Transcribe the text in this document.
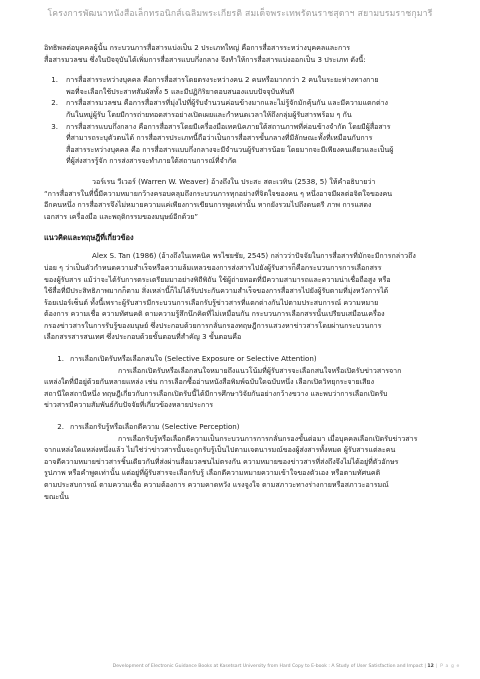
โครงการพัฒนาหนังสือเล็กทรอนิกส์เฉลิมพระเกียรติ สมเด็จพระเทพรัตนราชสุดาฯ สยามบรมราชกุมารี

อิทธิพลต่อบุคคลผู้นั้น กระบวนการสื่อสารแบ่งเป็น 2 ประเภทใหญ่ คือการสื่อสารระหว่างบุคคลและการ

สื่อสารมวลชน ซึ่งในปัจจุบันได้เพิ่มการสื่อสารแบบกึ่งกลาง จึงทำให้การสื่อสารแบ่งออกเป็น 3 ประเภท ดังนี้:

1.	การสื่อสารระหว่างบุคคล คือการสื่อสารโดยตรงระหว่างคน 2 คนหรือมากกว่า 2 คนในระยะห่างทางกาย
พอที่จะเลือกใช้ประสาทสัมผัสทั้ง 5 และมีปฏิกิริยาตอบสนองแบบปัจจุบันทันที
2.	การสื่อสารมวลชน คือการสื่อสารที่มุ่งไปที่ผู้รับจำนวนค่อนข้างมากและไม่รู้จักมักคุ้นกัน และมีความแตกต่าง
กันในหมู่ผู้รับ โดยมีการถ่ายทอดสารอย่างเปิดเผยและกำหนดเวลาให้ถึงกลุ่มผู้รับสารพร้อม ๆ กัน
3.	การสื่อสารแบบกึ่งกลาง คือการสื่อสารโดยมีเครื่องมือเทคนิคภายใต้สถานภาพที่ค่อนข้างจำกัด โดยมีผู้สื่อสาร
ที่สามารถระบุตัวตนได้ การสื่อสารประเภทนี้ถือว่าเป็นการสื่อสารขั้นกลางที่มีลักษณะทั้งที่เหมือนกับการ
สื่อสารระหว่างบุคคล คือ การสื่อสารแบบกึ่งกลางจะมีจำนวนผู้รับสารน้อย โดยมากจะมีเพียงคนเดียวและเป็นผู้
ที่ผู้ส่งสารรู้จัก การส่งสารจะทำภายใต้สถานการณ์ที่จำกัด

วอร์เรน วีเวอร์ (Warren W. Weaver) อ้างถึงใน ประสะ สตะเวทิน (2538, 5) ให้คำอธิบายว่า

“การสื่อสารในที่นี้มีความหมายกว้างครอบคลุมถึงกระบวนการทุกอย่างที่จิตใจของคน ๆ หนึ่งอาจมีผลต่อจิตใจของคน

อีกคนหนึ่ง การสื่อสารจึงไม่หมายความแค่เพียงการเขียนการพูดเท่านั้น หากยังรวมไปถึงดนตรี ภาพ การแสดง

เอกสาร เครื่องมือ และพฤติกรรมของมนุษย์อีกด้วย”

แนวคิดและทฤษฎีที่เกี่ยวข้อง

Alex S. Tan (1986) (อ้างถึงในเทคนิค พรไชยชัย, 2545) กล่าวว่าปัจจัยในการสื่อสารที่มักจะมีการกล่าวถึง

บ่อย ๆ ว่าเป็นตัวกำหนดความสำเร็จหรือความล้มเหลวของการส่งสารไปยังผู้รับสารก็คือกระบวนการการเลือกสรร

ของผู้รับสาร แม้ว่าจะได้รับการตระเตรียมมาอย่างพิถีพิถัน ใช้ผู้ถ่ายทอดที่มีความสามารถและความน่าเชื่อถือสูง หรือ

ใช้สื่อที่มีประสิทธิภาพมากก็ตาม สิ่งเหล่านี้ก็ไม่ได้รับประกันความสำเร็จของการสื่อสารไปยังผู้รับตามที่มุ่งหวังการได้

ร้อยเปอร์เซ็นต์ ทั้งนี้เพราะผู้รับสารมีกระบวนการเลือกรับรู้ข่าวสารที่แตกต่างกันไปตามประสบการณ์ ความหมาย

ต้องการ ความเชื่อ ความทัศนคติ ตามความรู้สึกนึกคิดที่ไม่เหมือนกัน กระบวนการเลือกสรรนั้นเปรียบเสมือนเครื่อง

กรองข่าวสารในการรับรู้ของมนุษย์ ซึ่งประกอบด้วยการกลั่นกรองทฤษฎีการแสวงหาข่าวสารโดยผ่านกระบวนการ

เลือกสรรสารสนเทศ ซึ่งประกอบด้วยขั้นตอนที่สำคัญ 3 ขั้นตอนคือ

1. การเลือกเปิดรับหรือเลือกสนใจ (Selective Exposure or Selective Attention)

การเลือกเปิดรับหรือเลือกสนใจหมายถึงแนวโน้มที่ผู้รับสารจะเลือกสนใจหรือเปิดรับข่าวสารจาก

แหล่งใดที่มีอยู่ด้วยกันหลายแหล่ง เช่น การเลือกซื้ออ่านหนังสือพิมพ์ฉบับใดฉบับหนึ่ง เลือกเปิดวิทยุกระจายเสียง

สถานีใดสถานีหนึ่ง ทฤษฎีเกี่ยวกับการเลือกเปิดรับนี้ได้มีการศึกษาวิจัยกันอย่างกว้างขวาง และพบว่าการเลือกเปิดรับ

ข่าวสารมีความสัมพันธ์กับปัจจัยที่เกี่ยวข้องหลายประการ

2. การเลือกรับรู้หรือเลือกตีความ (Selective Perception)

การเลือกรับรู้หรือเลือกตีความเป็นกระบวนการการกลั่นกรองขั้นต่อมา เมื่อบุคคลเลือกเปิดรับข่าวสาร

จากแหล่งใดแหล่งหนึ่งแล้ว ไม่ใช่ว่าข่าวสารนั้นจะถูกรับรู้เป็นไปตามเจตนารมณ์ของผู้ส่งสารทั้งหมด ผู้รับสารแต่ละคน

อาจตีความหมายข่าวสารชิ้นเดียวกันที่ส่งผ่านสื่อมวลชนไม่ตรงกัน ความหมายของข่าวสารที่ส่งถึงจึงไม่ได้อยู่ที่ตัวอักษร

รูปภาพ หรือคำพูดเท่านั้น แต่อยู่ที่ผู้รับสารจะเลือกรับรู้ เลือกตีความหมายความเข้าใจของตัวเอง หรือตามทัศนคติ

ตามประสบการณ์ ตามความเชื่อ ความต้องการ ความคาดหวัง แรงจูงใจ ตามสภาวะทางร่างกายหรือสภาวะอารมณ์

ขณะนั้น

Development of Electronic Guidance Books at Kasetsart University from Hard Copy to E-book : A Study of User Satisfaction and Impact | 12 | P a g e
